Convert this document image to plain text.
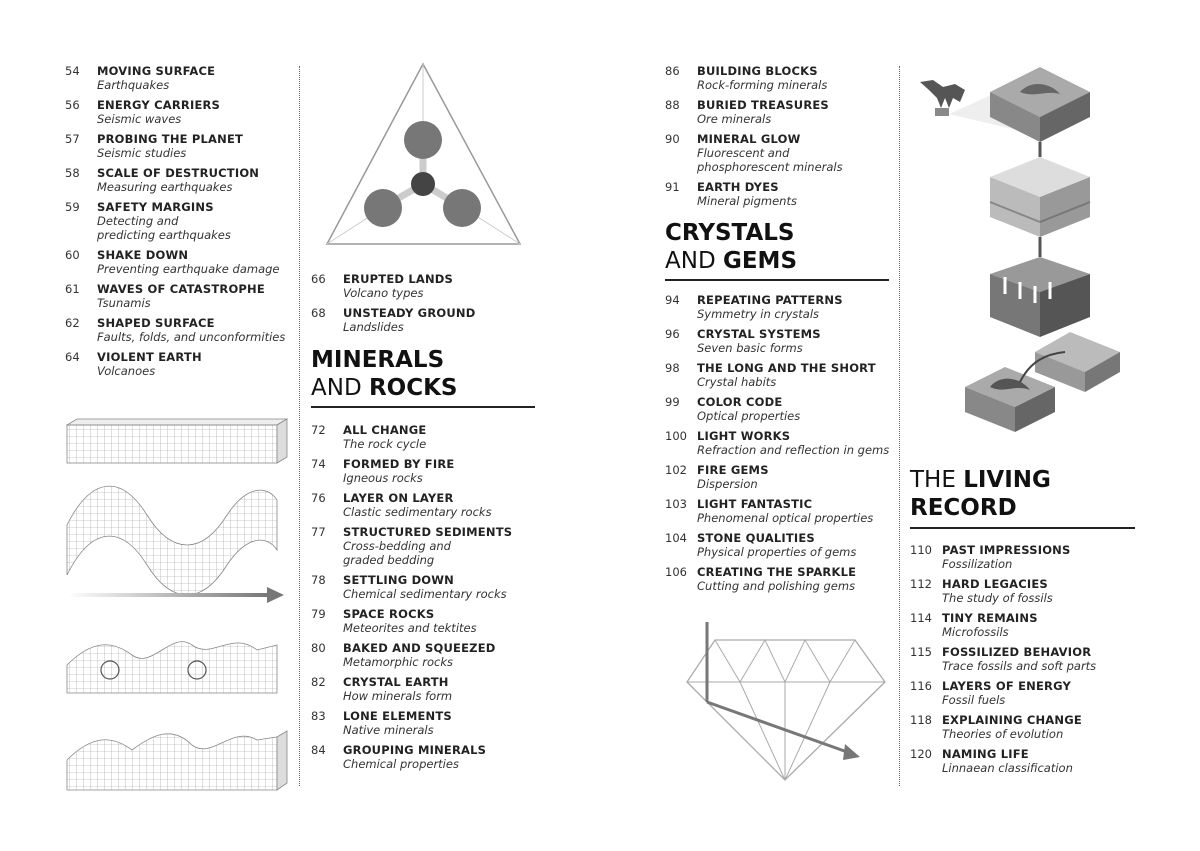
54	MOVING SURFACE
Earthquakes
56	ENERGY CARRIERS
Seismic waves
57	PROBING THE PLANET
Seismic studies
58	SCALE OF DESTRUCTION
Measuring earthquakes
59	SAFETY MARGINS
Detecting and
predicting earthquakes
60	SHAKE DOWN
Preventing earthquake damage
61	WAVES OF CATASTROPHE
Tsunamis
62	SHAPED SURFACE
Faults, folds, and unconformities
64	VIOLENT EARTH
Volcanoes
66	ERUPTED LANDS
Volcano types
68	UNSTEADY GROUND
Landslides
MINERALS
AND ROCKS
72	ALL CHANGE
The rock cycle
74	FORMED BY FIRE
Igneous rocks
76	LAYER ON LAYER
Clastic sedimentary rocks
77	STRUCTURED SEDIMENTS
Cross-bedding and
graded bedding
78	SETTLING DOWN
Chemical sedimentary rocks
79	SPACE ROCKS
Meteorites and tektites
80	BAKED AND SQUEEZED
Metamorphic rocks
82	CRYSTAL EARTH
How minerals form
83	LONE ELEMENTS
Native minerals
84	GROUPING MINERALS
Chemical properties
86	BUILDING BLOCKS
Rock-forming minerals
88	BURIED TREASURES
Ore minerals
90	MINERAL GLOW
Fluorescent and
phosphorescent minerals
91	EARTH DYES
Mineral pigments
CRYSTALS
AND GEMS
94	REPEATING PATTERNS
Symmetry in crystals
96	CRYSTAL SYSTEMS
Seven basic forms
98	THE LONG AND THE SHORT
Crystal habits
99	COLOR CODE
Optical properties
100 LIGHT WORKS
Refraction and reflection in gems
102 FIRE GEMS
Dispersion
103 LIGHT FANTASTIC
Phenomenal optical properties
104 STONE QUALITIES
Physical properties of gems
106 CREATING THE SPARKLE
Cutting and polishing gems
THE LIVING
RECORD
110 PAST IMPRESSIONS
Fossilization
112 HARD LEGACIES
The study of fossils
114 TINY REMAINS
Microfossils
115 FOSSILIZED BEHAVIOR
Trace fossils and soft parts
116 LAYERS OF ENERGY
Fossil fuels
118 EXPLAINING CHANGE
Theories of evolution
120 NAMING LIFE
Linnaean classification
